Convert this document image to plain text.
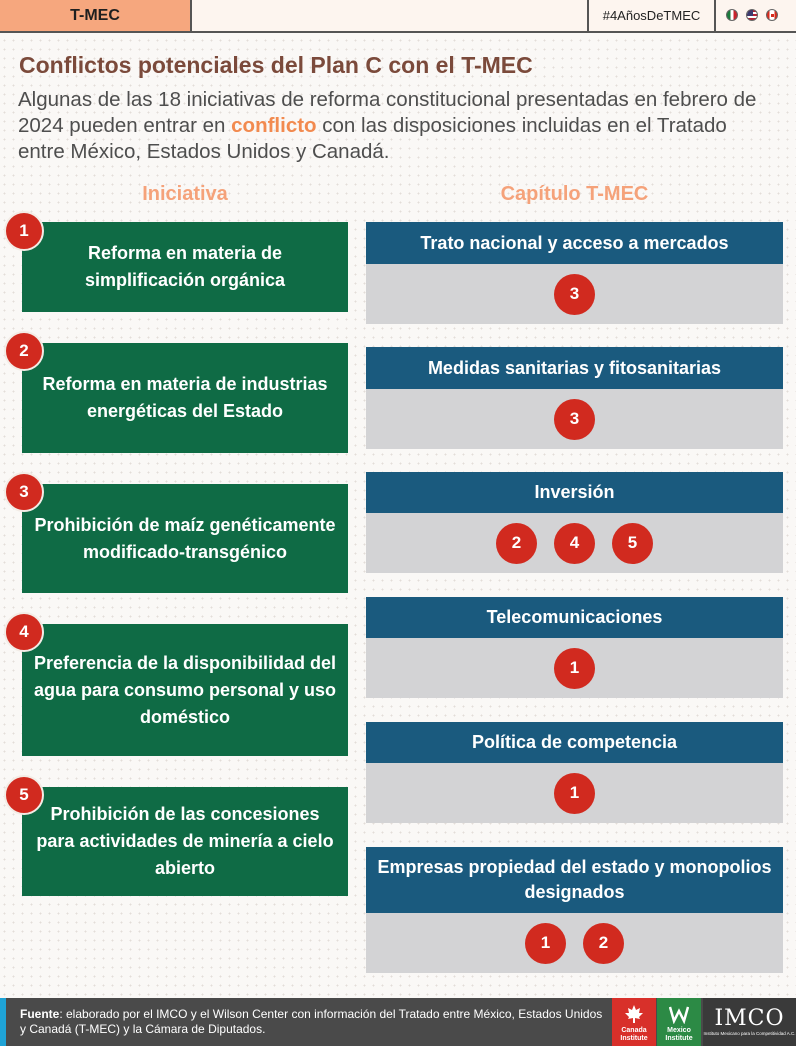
T-MEC	#4AñosDeTMEC
Conflictos potenciales del Plan C con el T-MEC

Algunas de las 18 iniciativas de reforma constitucional presentadas en febrero de 2024 pueden entrar en conflicto con las disposiciones incluidas en el Tratado entre México, Estados Unidos y Canadá.

Iniciativa	Capítulo T-MEC
Reforma en materia de simplificación orgánica
1
Reforma en materia de industrias energéticas del Estado
2
Prohibición de maíz genéticamente modificado-transgénico
3
Preferencia de la disponibilidad del agua para consumo personal y uso doméstico
4
Prohibición de las concesiones para actividades de minería a cielo abierto
5
Trato nacional y acceso a mercados
3
Medidas sanitarias y fitosanitarias
3
Inversión
2	4	5
Telecomunicaciones
1
Política de competencia
1
Empresas propiedad del estado y monopolios designados
1	2

Fuente: elaborado por el IMCO y el Wilson Center con información del Tratado entre México, Estados Unidos y Canadá (T-MEC) y la Cámara de Diputados.	Canada Institute
Mexico Institute
IMCO
Instituto Mexicano para la Competitividad A.C.
